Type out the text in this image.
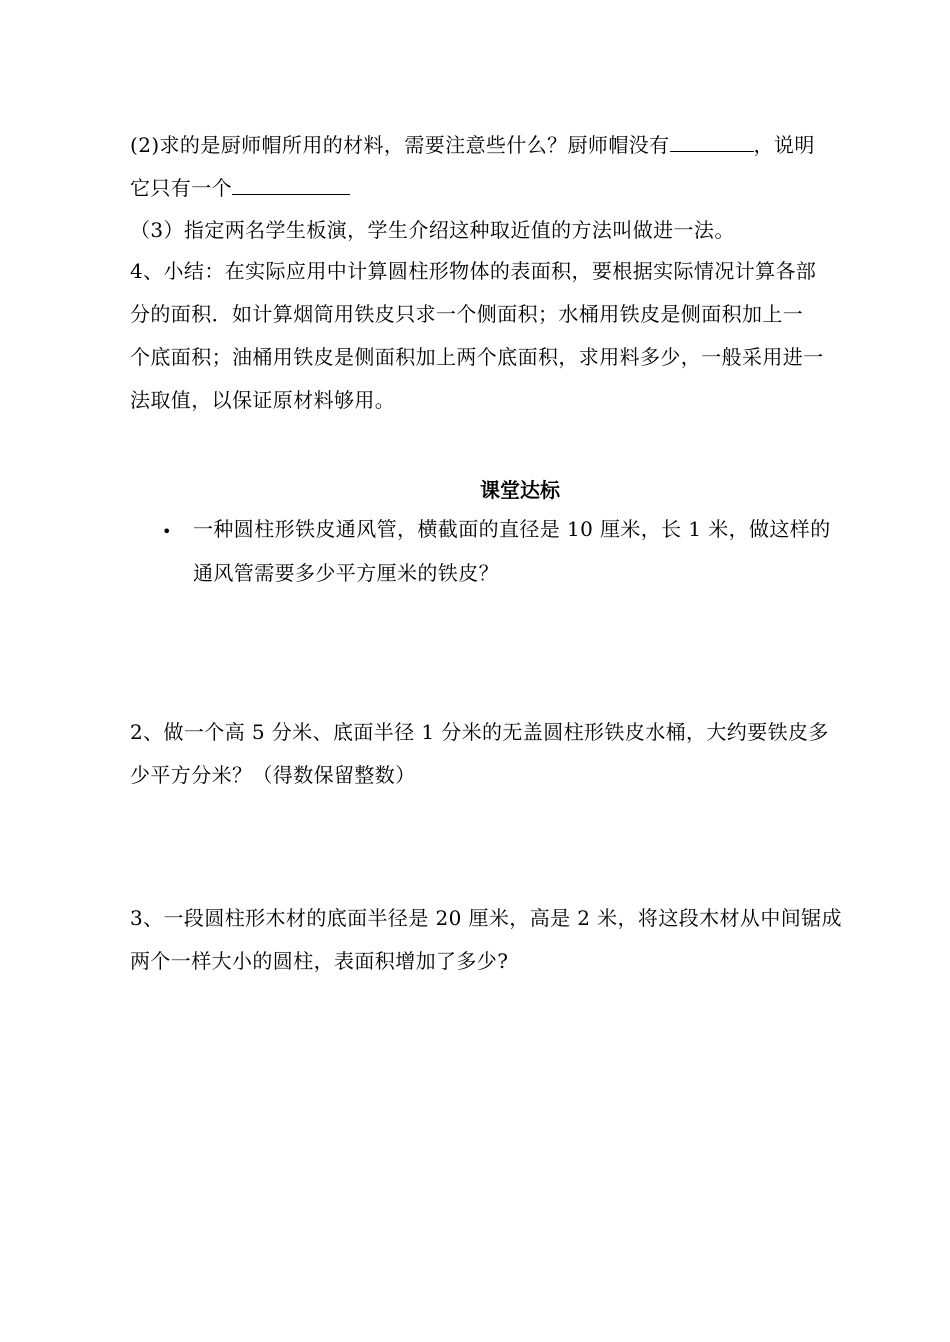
(2)求的是厨师帽所用的材料，需要注意些什么？厨师帽没有	，说明
它只有一个
（3）指定两名学生板演，学生介绍这种取近值的方法叫做进一法。
4、小结：在实际应用中计算圆柱形物体的表面积，要根据实际情况计算各部
分的面积．如计算烟筒用铁皮只求一个侧面积；水桶用铁皮是侧面积加上一
个底面积；油桶用铁皮是侧面积加上两个底面积，求用料多少，一般采用进一
法取值，以保证原材料够用。
课堂达标
• 一种圆柱形铁皮通风管，横截面的直径是 10 厘米，长 1 米，做这样的
通风管需要多少平方厘米的铁皮？
2、做一个高 5 分米、底面半径 1 分米的无盖圆柱形铁皮水桶，大约要铁皮多
少平方分米？（得数保留整数）
3、一段圆柱形木材的底面半径是 20 厘米，高是 2 米，将这段木材从中间锯成
两个一样大小的圆柱，表面积增加了多少?
